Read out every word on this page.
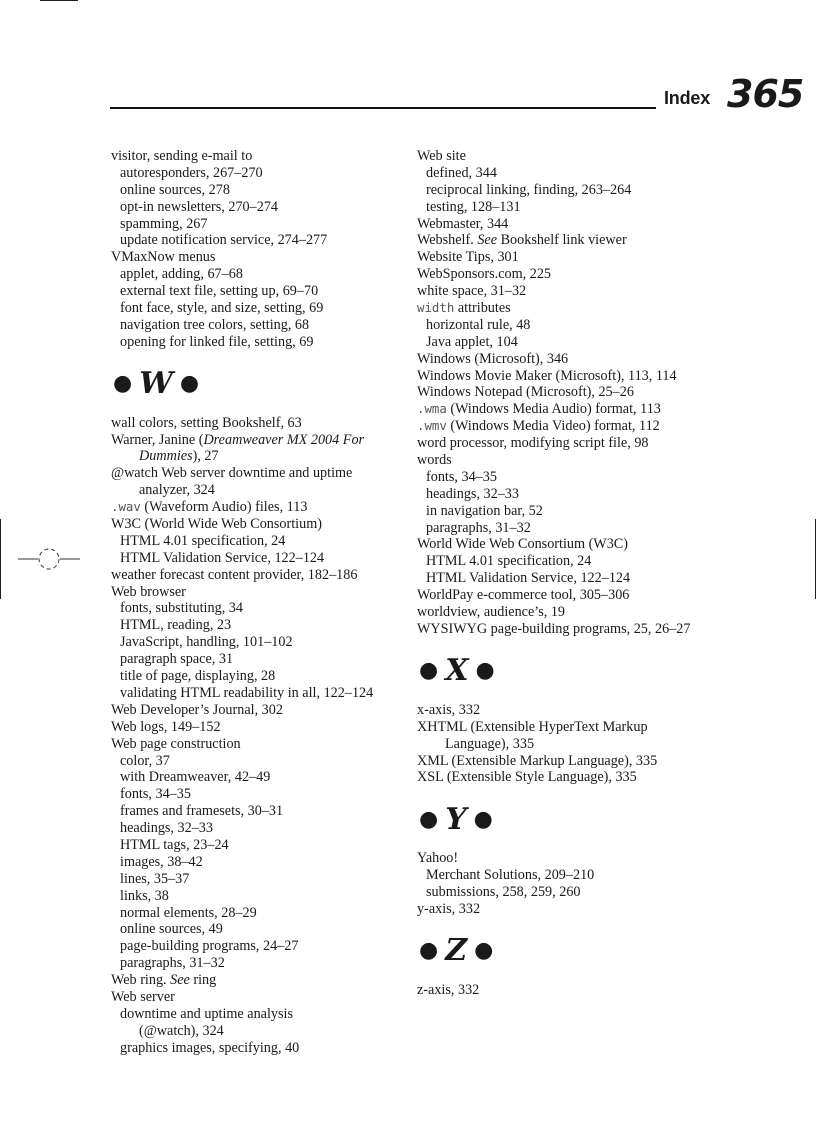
Index 365
visitor, sending e-mail to
autoresponders, 267–270
online sources, 278
opt-in newsletters, 270–274
spamming, 267
update notification service, 274–277
VMaxNow menus
applet, adding, 67–68
external text file, setting up, 69–70
font face, style, and size, setting, 69
navigation tree colors, setting, 68
opening for linked file, setting, 69
● W ●
wall colors, setting Bookshelf, 63
Warner, Janine (Dreamweaver MX 2004 For
Dummies), 27
@watch Web server downtime and uptime
analyzer, 324
.wav (Waveform Audio) files, 113
W3C (World Wide Web Consortium)
HTML 4.01 specification, 24
HTML Validation Service, 122–124
weather forecast content provider, 182–186
Web browser
fonts, substituting, 34
HTML, reading, 23
JavaScript, handling, 101–102
paragraph space, 31
title of page, displaying, 28
validating HTML readability in all, 122–124
Web Developer’s Journal, 302
Web logs, 149–152
Web page construction
color, 37
with Dreamweaver, 42–49
fonts, 34–35
frames and framesets, 30–31
headings, 32–33
HTML tags, 23–24
images, 38–42
lines, 35–37
links, 38
normal elements, 28–29
online sources, 49
page-building programs, 24–27
paragraphs, 31–32
Web ring. See ring
Web server
downtime and uptime analysis
(@watch), 324
graphics images, specifying, 40
Web site
defined, 344
reciprocal linking, finding, 263–264
testing, 128–131
Webmaster, 344
Webshelf. See Bookshelf link viewer
Website Tips, 301
WebSponsors.com, 225
white space, 31–32
width attributes
horizontal rule, 48
Java applet, 104
Windows (Microsoft), 346
Windows Movie Maker (Microsoft), 113, 114
Windows Notepad (Microsoft), 25–26
.wma (Windows Media Audio) format, 113
.wmv (Windows Media Video) format, 112
word processor, modifying script file, 98
words
fonts, 34–35
headings, 32–33
in navigation bar, 52
paragraphs, 31–32
World Wide Web Consortium (W3C)
HTML 4.01 specification, 24
HTML Validation Service, 122–124
WorldPay e-commerce tool, 305–306
worldview, audience’s, 19
WYSIWYG page-building programs, 25, 26–27
● X ●
x-axis, 332
XHTML (Extensible HyperText Markup
Language), 335
XML (Extensible Markup Language), 335
XSL (Extensible Style Language), 335
● Y ●
Yahoo!
Merchant Solutions, 209–210
submissions, 258, 259, 260
y-axis, 332
● Z ●
z-axis, 332
